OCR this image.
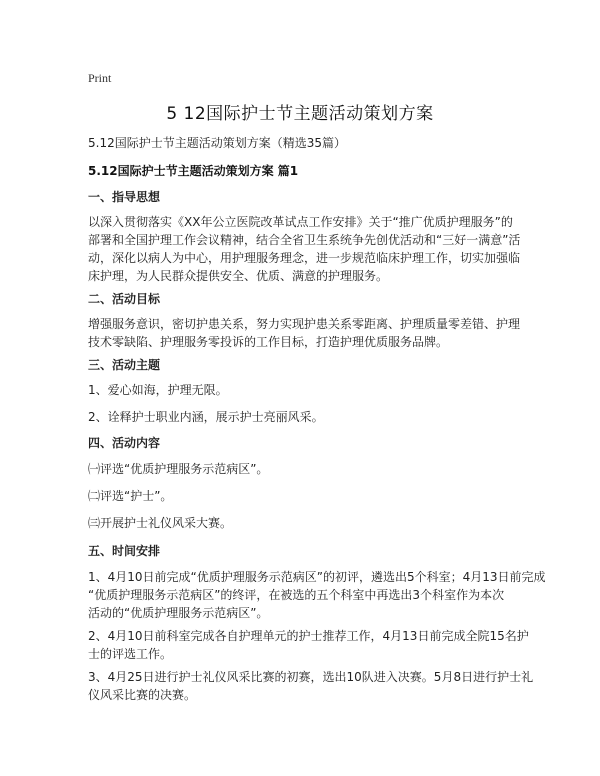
Print
5 12国际护士节主题活动策划方案
5.12国际护士节主题活动策划方案（精选35篇）
5.12国际护士节主题活动策划方案 篇1
一、指导思想
以深入贯彻落实《XX年公立医院改革试点工作安排》关于“推广优质护理服务”的
部署和全国护理工作会议精神，结合全省卫生系统争先创优活动和“三好一满意”活
动，深化以病人为中心，用护理服务理念，进一步规范临床护理工作，切实加强临
床护理，为人民群众提供安全、优质、满意的护理服务。
二、活动目标
增强服务意识，密切护患关系，努力实现护患关系零距离、护理质量零差错、护理
技术零缺陷、护理服务零投诉的工作目标，打造护理优质服务品牌。
三、活动主题
1、爱心如海，护理无限。
2、诠释护士职业内涵，展示护士亮丽风采。
四、活动内容
㈠评选“优质护理服务示范病区”。
㈡评选“护士”。
㈢开展护士礼仪风采大赛。
五、时间安排
1、4月10日前完成“优质护理服务示范病区”的初评，遴选出5个科室；4月13日前完成
“优质护理服务示范病区”的终评，在被选的五个科室中再选出3个科室作为本次
活动的“优质护理服务示范病区”。
2、4月10日前科室完成各自护理单元的护士推荐工作，4月13日前完成全院15名护
士的评选工作。
3、4月25日进行护士礼仪风采比赛的初赛，选出10队进入决赛。5月8日进行护士礼
仪风采比赛的决赛。
